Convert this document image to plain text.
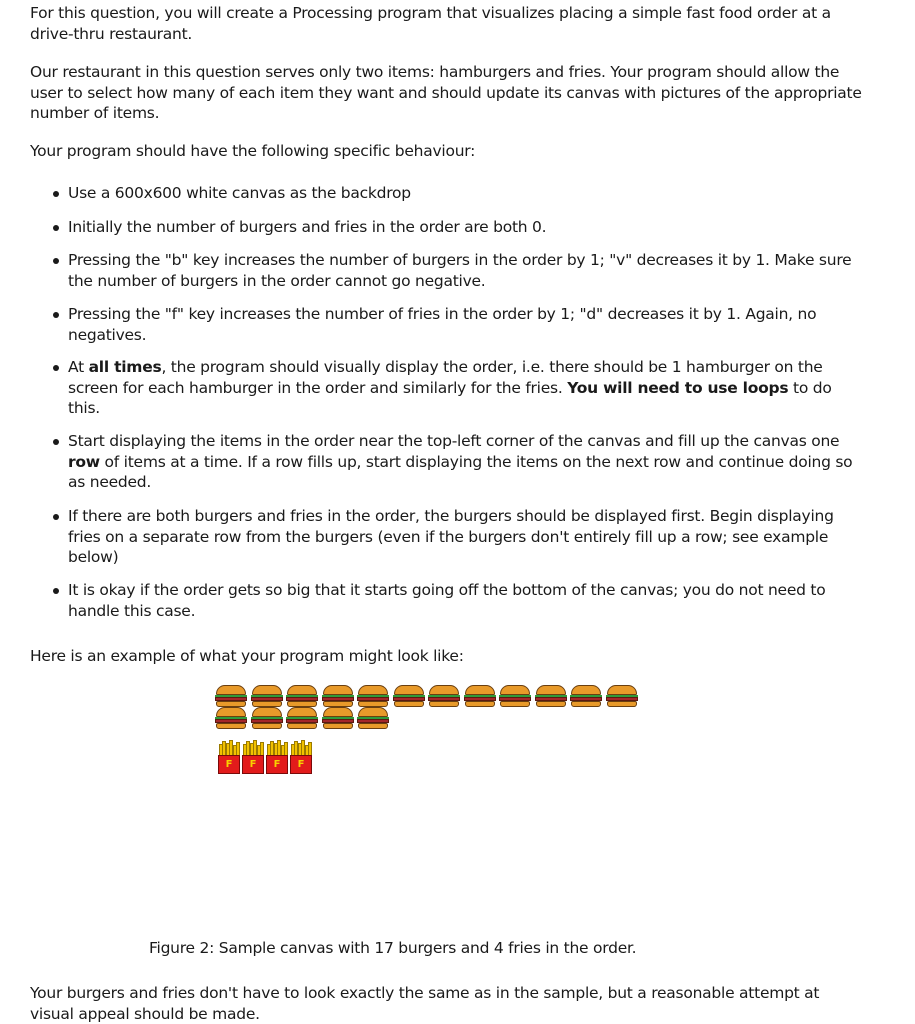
For this question, you will create a Processing program that visualizes placing a simple fast food order at a drive-thru restaurant.

Our restaurant in this question serves only two items: hamburgers and fries. Your program should allow the user to select how many of each item they want and should update its canvas with pictures of the appropriate number of items.

Your program should have the following specific behaviour:

Use a 600x600 white canvas as the backdrop
Initially the number of burgers and fries in the order are both 0.
Pressing the "b" key increases the number of burgers in the order by 1; "v" decreases it by 1. Make sure the number of burgers in the order cannot go negative.
Pressing the "f" key increases the number of fries in the order by 1; "d" decreases it by 1. Again, no negatives.
At all times, the program should visually display the order, i.e. there should be 1 hamburger on the screen for each hamburger in the order and similarly for the fries. You will need to use loops to do this.
Start displaying the items in the order near the top-left corner of the canvas and fill up the canvas one row of items at a time. If a row fills up, start displaying the items on the next row and continue doing so as needed.
If there are both burgers and fries in the order, the burgers should be displayed first. Begin displaying fries on a separate row from the burgers (even if the burgers don't entirely fill up a row; see example below)
It is okay if the order gets so big that it starts going off the bottom of the canvas; you do not need to handle this case.

Here is an example of what your program might look like:

F	F	F	F
Figure 2: Sample canvas with 17 burgers and 4 fries in the order.

Your burgers and fries don't have to look exactly the same as in the sample, but a reasonable attempt at visual appeal should be made.
